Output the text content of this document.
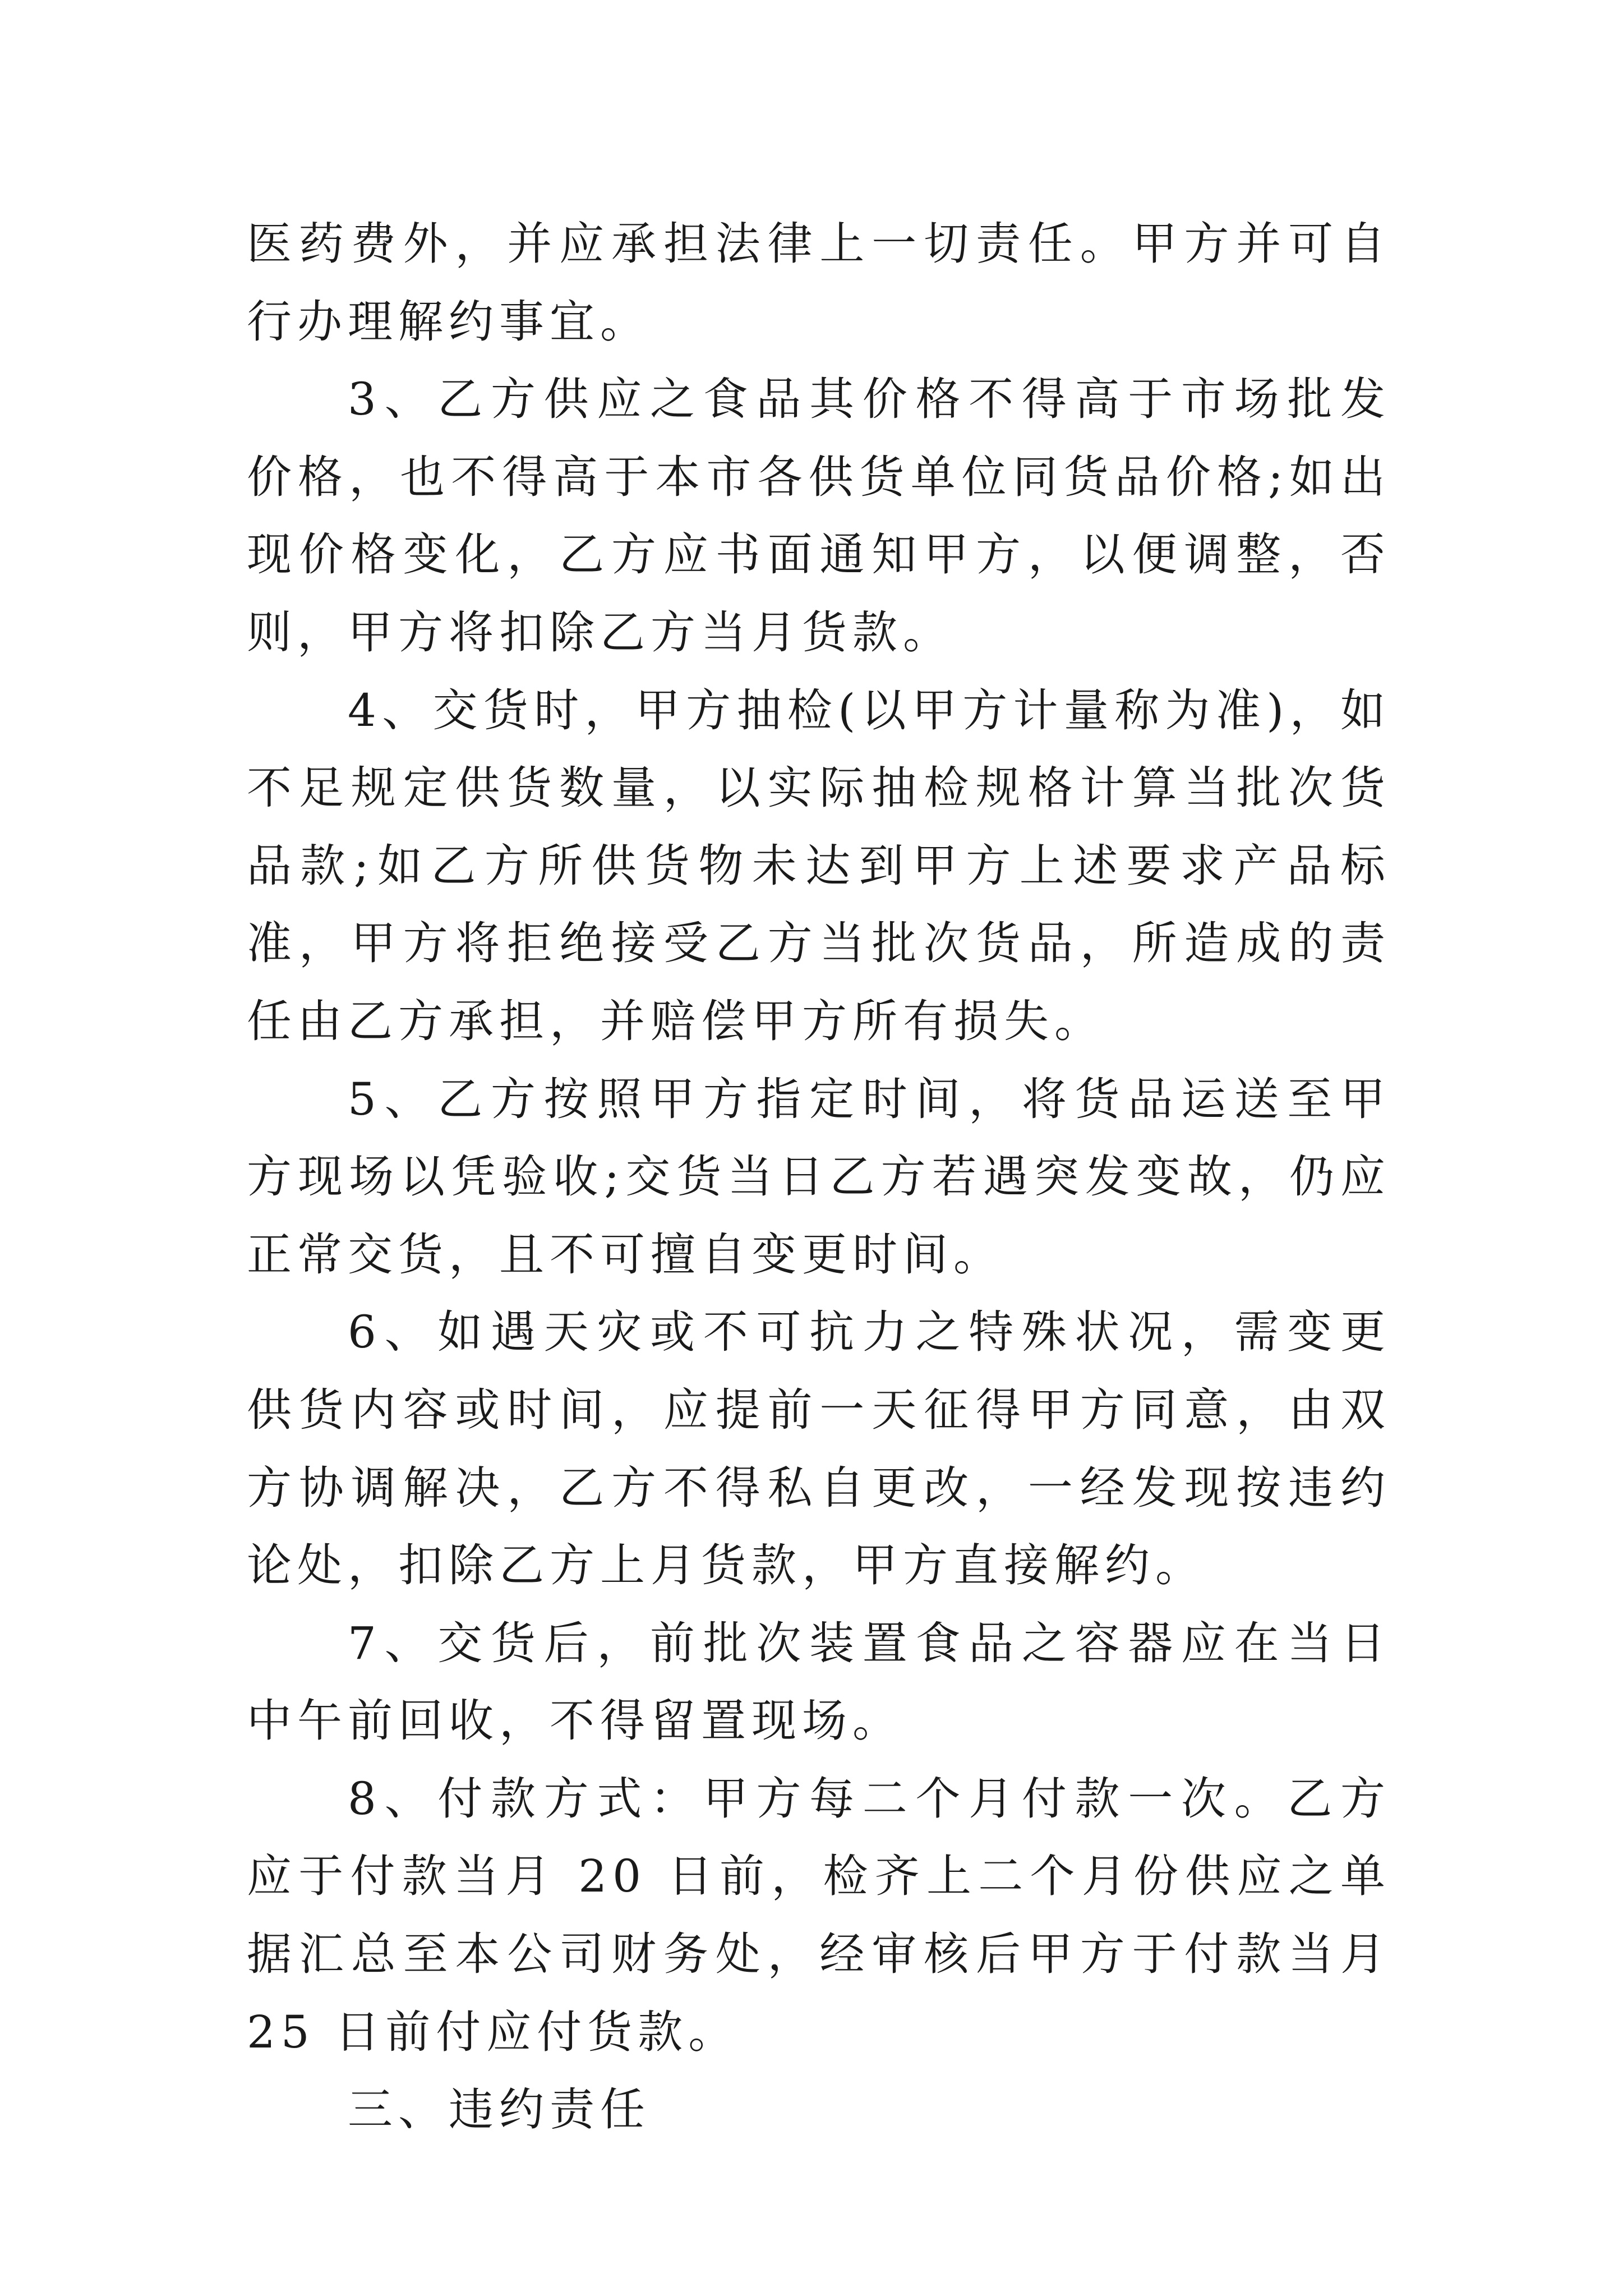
医药费外，并应承担法律上一切责任。甲方并可自行办理解约事宜。

3、乙方供应之食品其价格不得高于市场批发价格，也不得高于本市各供货单位同货品价格;如出现价格变化，乙方应书面通知甲方，以便调整，否则，甲方将扣除乙方当月货款。

4、交货时，甲方抽检(以甲方计量称为准)，如不足规定供货数量，以实际抽检规格计算当批次货品款;如乙方所供货物未达到甲方上述要求产品标准，甲方将拒绝接受乙方当批次货品，所造成的责任由乙方承担，并赔偿甲方所有损失。

5、乙方按照甲方指定时间，将货品运送至甲方现场以凭验收;交货当日乙方若遇突发变故，仍应正常交货，且不可擅自变更时间。

6、如遇天灾或不可抗力之特殊状况，需变更供货内容或时间，应提前一天征得甲方同意，由双方协调解决，乙方不得私自更改，一经发现按违约论处，扣除乙方上月货款，甲方直接解约。

7、交货后，前批次装置食品之容器应在当日中午前回收，不得留置现场。

8、付款方式：甲方每二个月付款一次。乙方应于付款当月 20 日前，检齐上二个月份供应之单据汇总至本公司财务处，经审核后甲方于付款当月 25 日前付应付货款。

三、违约责任
